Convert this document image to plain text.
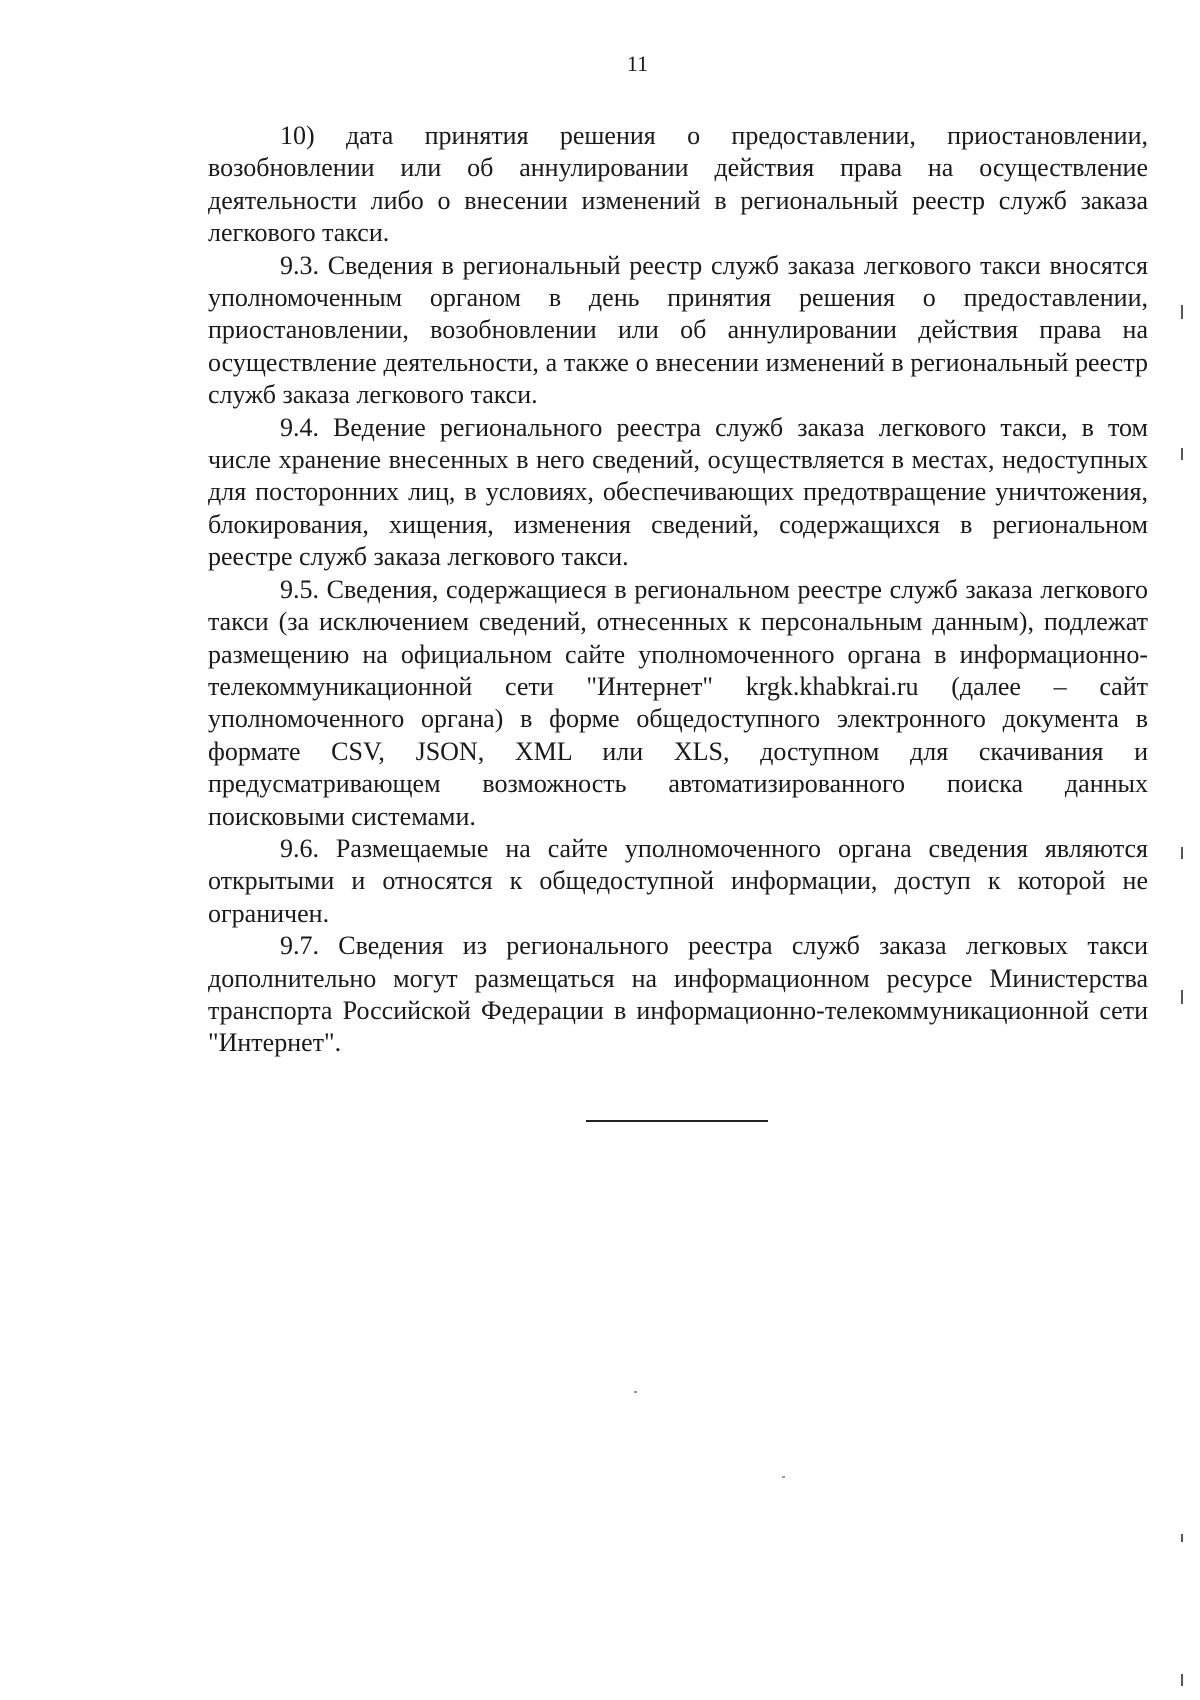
11

10) дата принятия решения о предоставлении, приостановлении, возобновлении или об аннулировании действия права на осуществление деятельности либо о внесении изменений в региональный реестр служб заказа легкового такси.

9.3. Сведения в региональный реестр служб заказа легкового такси вносятся уполномоченным органом в день принятия решения о предоставлении, приостановлении, возобновлении или об аннулировании действия права на осуществление деятельности, а также о внесении изменений в региональный реестр служб заказа легкового такси.

9.4. Ведение регионального реестра служб заказа легкового такси, в том числе хранение внесенных в него сведений, осуществляется в местах, недоступных для посторонних лиц, в условиях, обеспечивающих предотвращение уничтожения, блокирования, хищения, изменения сведений, содержащихся в региональном реестре служб заказа легкового такси.

9.5. Сведения, содержащиеся в региональном реестре служб заказа легкового такси (за исключением сведений, отнесенных к персональным данным), подлежат размещению на официальном сайте уполномоченного органа в информационно-телекоммуникационной сети "Интернет" krgk.khabkrai.ru (далее – сайт уполномоченного органа) в форме общедоступного электронного документа в формате CSV, JSON, XML или XLS, доступном для скачивания и предусматривающем возможность автоматизированного поиска данных поисковыми системами.

9.6. Размещаемые на сайте уполномоченного органа сведения являются открытыми и относятся к общедоступной информации, доступ к которой не ограничен.

9.7. Сведения из регионального реестра служб заказа легковых такси дополнительно могут размещаться на информационном ресурсе Министерства транспорта Российской Федерации в информационно-телекоммуникационной сети "Интернет".
